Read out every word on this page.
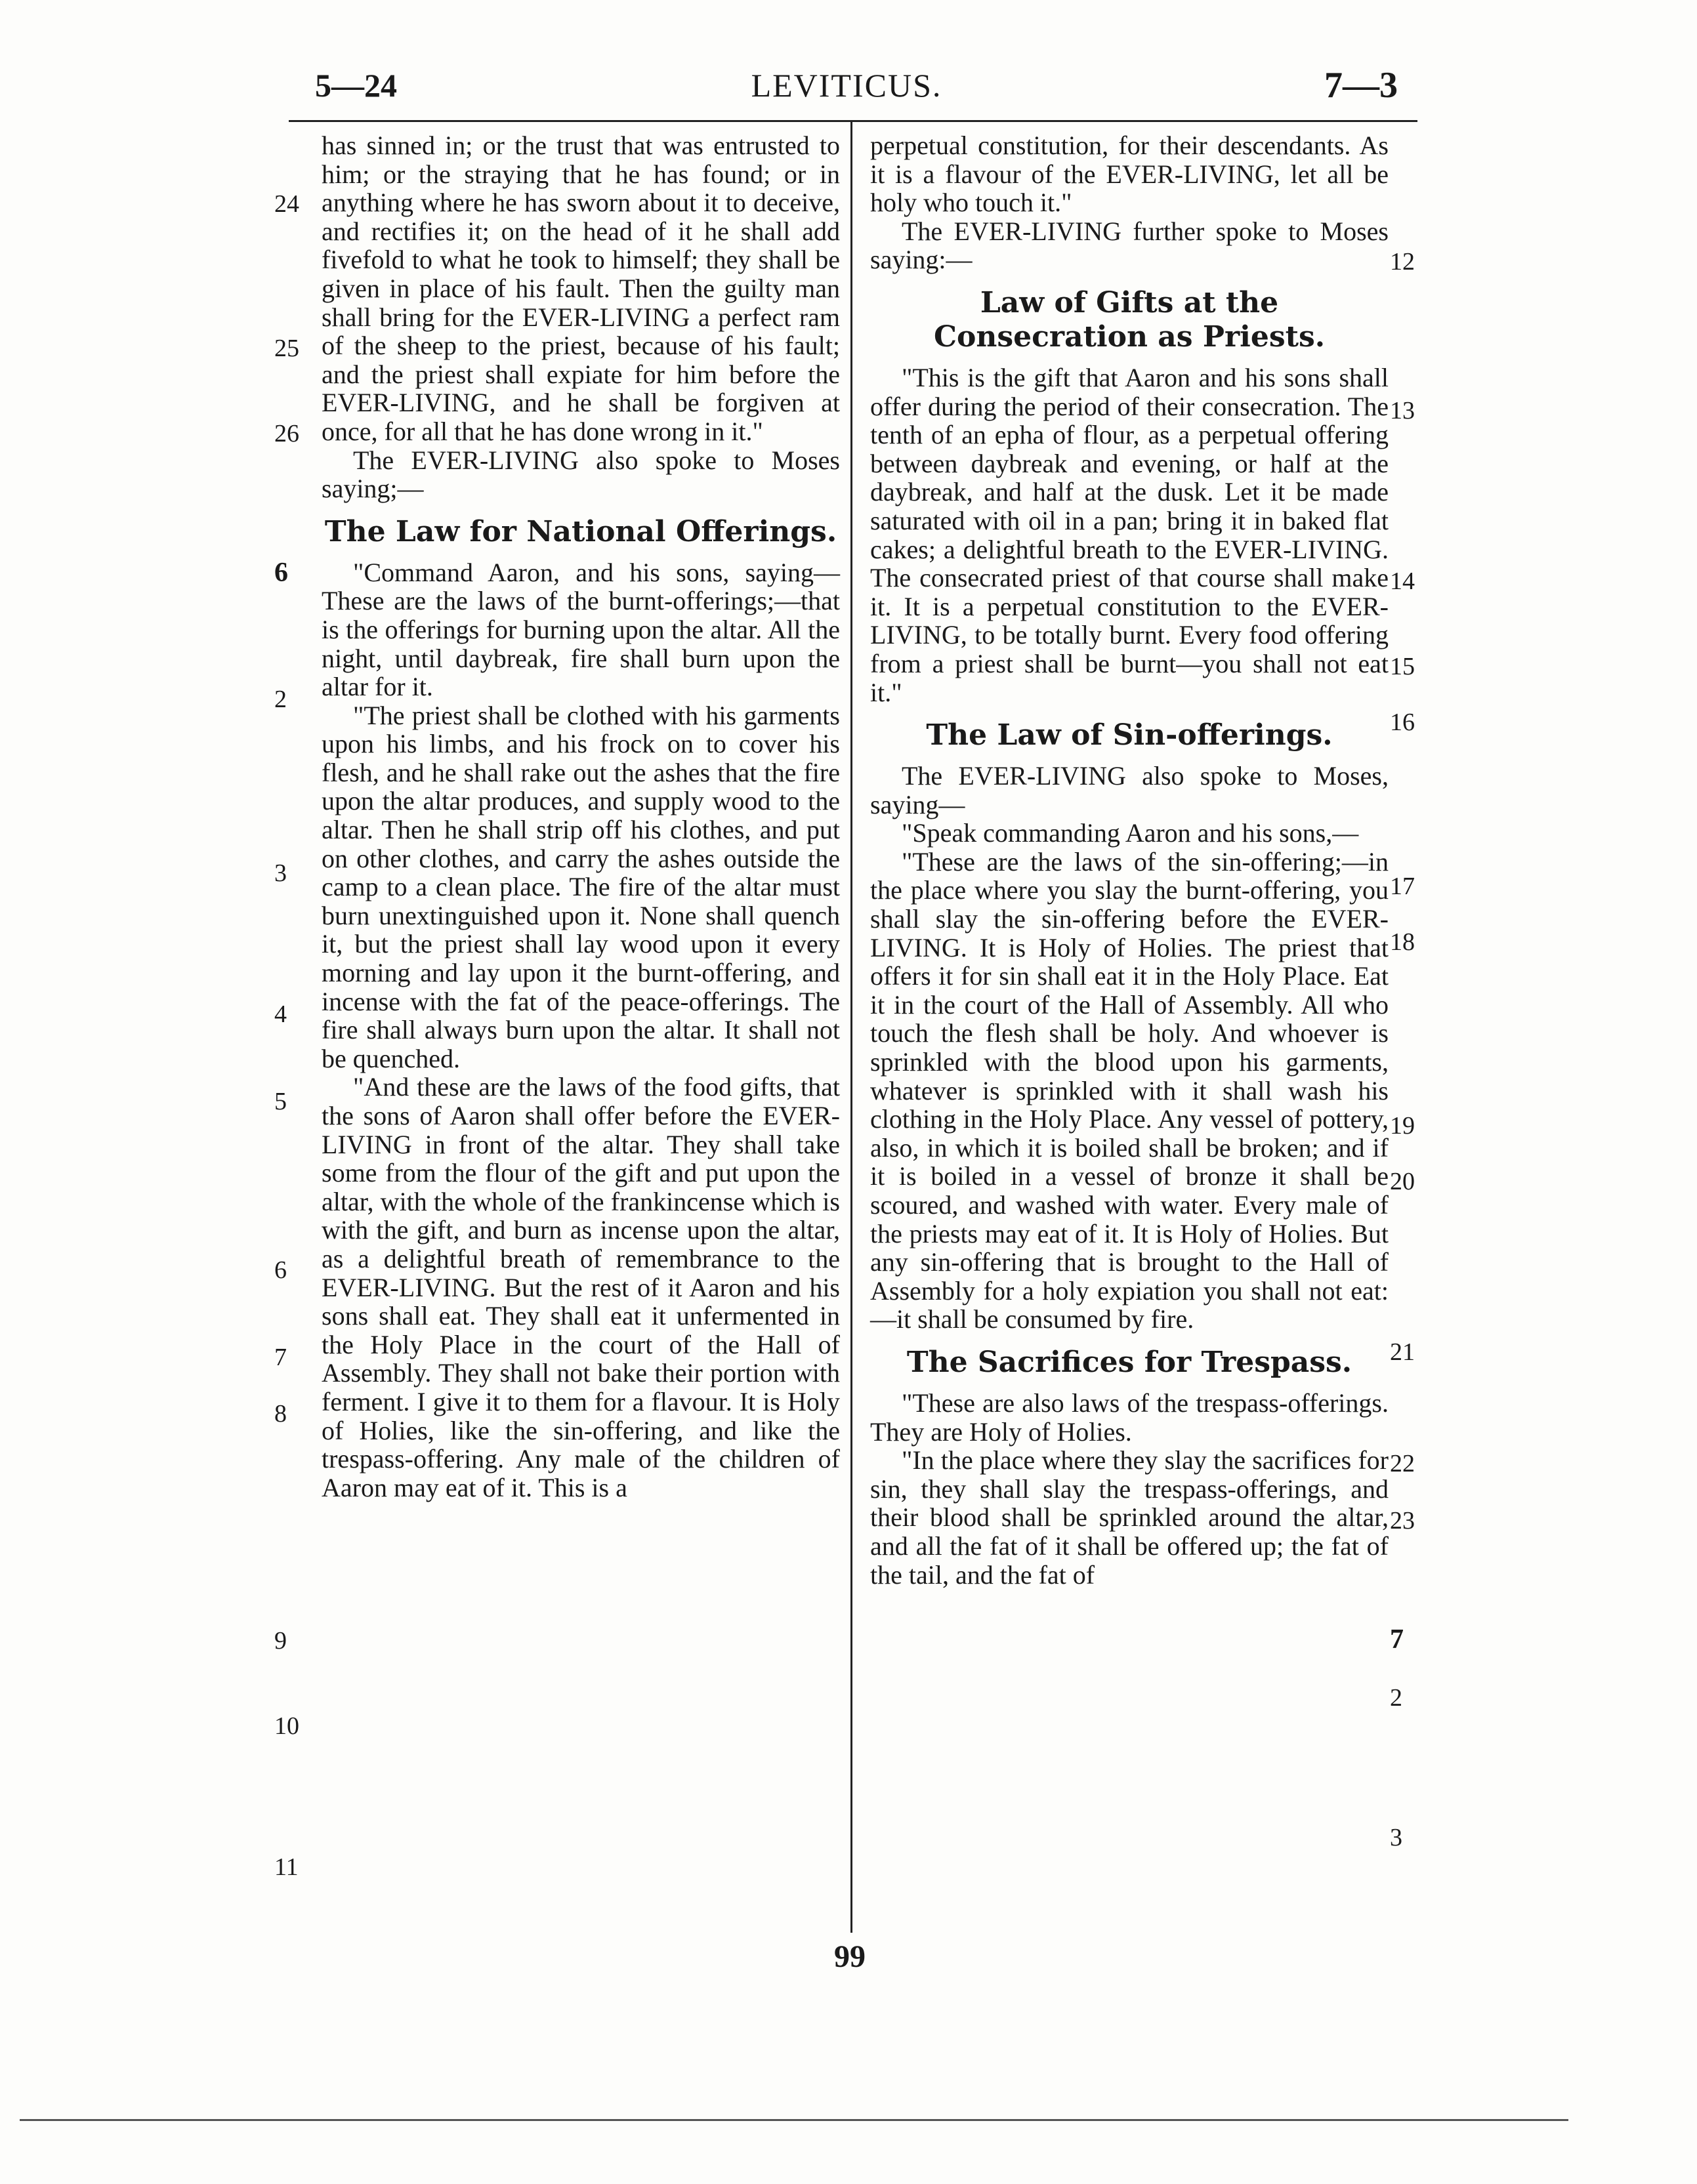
5—24	LEVITICUS.	7—3

has sinned in; or the trust that was entrusted to him; or the straying that he has found; or in anything where he has sworn about it to deceive, and rectifies it; on the head of it he shall add fivefold to what he took to himself; they shall be given in place of his fault. Then the guilty man shall bring for the EVER-LIVING a perfect ram of the sheep to the priest, because of his fault; and the priest shall expiate for him before the EVER-LIVING, and he shall be forgiven at once, for all that he has done wrong in it."

The EVER-LIVING also spoke to Moses saying;—

The Law for National Offerings.

"Command Aaron, and his sons, saying—These are the laws of the burnt-offerings;—that is the offerings for burning upon the altar. All the night, until daybreak, fire shall burn upon the altar for it.

"The priest shall be clothed with his garments upon his limbs, and his frock on to cover his flesh, and he shall rake out the ashes that the fire upon the altar produces, and supply wood to the altar. Then he shall strip off his clothes, and put on other clothes, and carry the ashes outside the camp to a clean place. The fire of the altar must burn unextinguished upon it. None shall quench it, but the priest shall lay wood upon it every morning and lay upon it the burnt-offering, and incense with the fat of the peace-offerings. The fire shall always burn upon the altar. It shall not be quenched.

"And these are the laws of the food gifts, that the sons of Aaron shall offer before the EVER-LIVING in front of the altar. They shall take some from the flour of the gift and put upon the altar, with the whole of the frankincense which is with the gift, and burn as incense upon the altar, as a delightful breath of remembrance to the EVER-LIVING. But the rest of it Aaron and his sons shall eat. They shall eat it unfermented in the Holy Place in the court of the Hall of Assembly. They shall not bake their portion with ferment. I give it to them for a flavour. It is Holy of Holies, like the sin-offering, and like the trespass-offering. Any male of the children of Aaron may eat of it. This is a

perpetual constitution, for their descendants. As it is a flavour of the EVER-LIVING, let all be holy who touch it."

The EVER-LIVING further spoke to Moses saying:—

Law of Gifts at the Consecration as Priests.

"This is the gift that Aaron and his sons shall offer during the period of their consecration. The tenth of an epha of flour, as a perpetual offering between daybreak and evening, or half at the daybreak, and half at the dusk. Let it be made saturated with oil in a pan; bring it in baked flat cakes; a delightful breath to the EVER-LIVING. The consecrated priest of that course shall make it. It is a perpetual constitution to the EVER-LIVING, to be totally burnt. Every food offering from a priest shall be burnt—you shall not eat it."

The Law of Sin-offerings.

The EVER-LIVING also spoke to Moses, saying—

"Speak commanding Aaron and his sons,—

"These are the laws of the sin-offering;—in the place where you slay the burnt-offering, you shall slay the sin-offering before the EVER-LIVING. It is Holy of Holies. The priest that offers it for sin shall eat it in the Holy Place. Eat it in the court of the Hall of Assembly. All who touch the flesh shall be holy. And whoever is sprinkled with the blood upon his garments, whatever is sprinkled with it shall wash his clothing in the Holy Place. Any vessel of pottery, also, in which it is boiled shall be broken; and if it is boiled in a vessel of bronze it shall be scoured, and washed with water. Every male of the priests may eat of it. It is Holy of Holies. But any sin-offering that is brought to the Hall of Assembly for a holy expiation you shall not eat:—it shall be consumed by fire.

The Sacrifices for Trespass.

"These are also laws of the trespass-offerings. They are Holy of Holies.

"In the place where they slay the sacrifices for sin, they shall slay the trespass-offerings, and their blood shall be sprinkled around the altar, and all the fat of it shall be offered up; the fat of the tail, and the fat of

24
25
26
6
2
3
4
5
6
7
8
9
10
11
12
13
14
15
16
17
18
19
20
21
22
23
7
2
3
99
